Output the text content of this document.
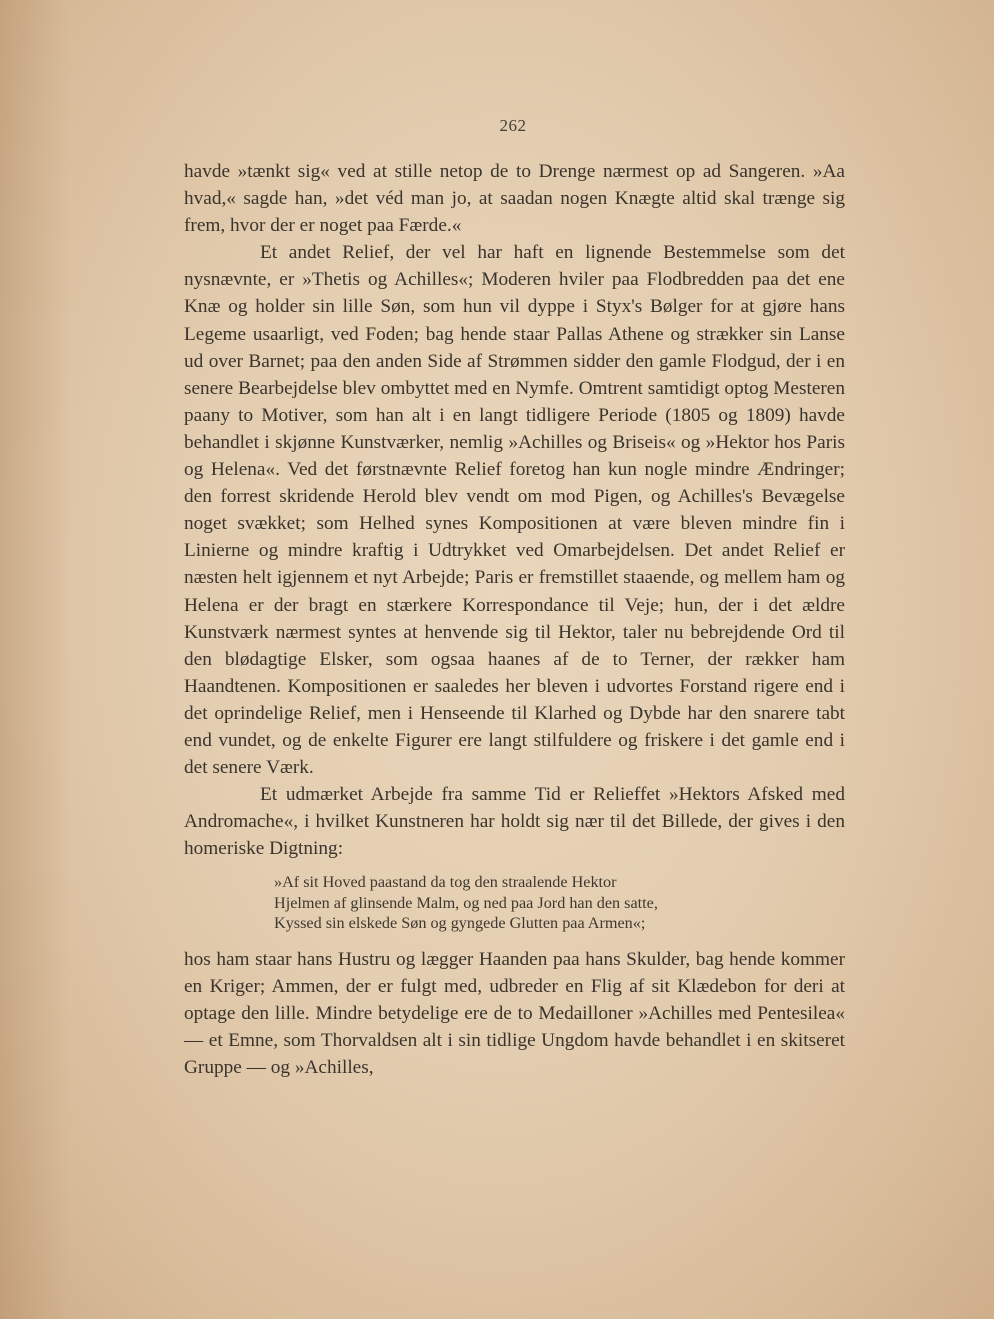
262

havde »tænkt sig« ved at stille netop de to Drenge nærmest op ad Sangeren. »Aa hvad,« sagde han, »det véd man jo, at saadan nogen Knægte altid skal trænge sig frem, hvor der er noget paa Færde.«

Et andet Relief, der vel har haft en lignende Bestemmelse som det nysnævnte, er »Thetis og Achilles«; Moderen hviler paa Flodbredden paa det ene Knæ og holder sin lille Søn, som hun vil dyppe i Styx's Bølger for at gjøre hans Legeme usaarligt, ved Foden; bag hende staar Pallas Athene og strækker sin Lanse ud over Barnet; paa den anden Side af Strømmen sidder den gamle Flodgud, der i en senere Bearbejdelse blev ombyttet med en Nymfe. Omtrent samtidigt optog Mesteren paany to Motiver, som han alt i en langt tidligere Periode (1805 og 1809) havde behandlet i skjønne Kunstværker, nemlig »Achilles og Briseis« og »Hektor hos Paris og Helena«. Ved det førstnævnte Relief foretog han kun nogle mindre Ændringer; den forrest skridende Herold blev vendt om mod Pigen, og Achilles's Bevægelse noget svækket; som Helhed synes Kompositionen at være bleven mindre fin i Linierne og mindre kraftig i Udtrykket ved Omarbejdelsen. Det andet Relief er næsten helt igjennem et nyt Arbejde; Paris er fremstillet staaende, og mellem ham og Helena er der bragt en stærkere Korrespondance til Veje; hun, der i det ældre Kunstværk nærmest syntes at henvende sig til Hektor, taler nu bebrejdende Ord til den blødagtige Elsker, som ogsaa haanes af de to Terner, der rækker ham Haandtenen. Kompositionen er saaledes her bleven i udvortes Forstand rigere end i det oprindelige Relief, men i Henseende til Klarhed og Dybde har den snarere tabt end vundet, og de enkelte Figurer ere langt stilfuldere og friskere i det gamle end i det senere Værk.

Et udmærket Arbejde fra samme Tid er Relieffet »Hektors Afsked med Andromache«, i hvilket Kunstneren har holdt sig nær til det Billede, der gives i den homeriske Digtning:

»Af sit Hoved paastand da tog den straalende Hektor
Hjelmen af glinsende Malm, og ned paa Jord han den satte,
Kyssed sin elskede Søn og gyngede Glutten paa Armen«;

hos ham staar hans Hustru og lægger Haanden paa hans Skulder, bag hende kommer en Kriger; Ammen, der er fulgt med, udbreder en Flig af sit Klædebon for deri at optage den lille. Mindre betydelige ere de to Medailloner »Achilles med Pentesilea« — et Emne, som Thorvaldsen alt i sin tidlige Ungdom havde behandlet i en skitseret Gruppe — og »Achilles,
